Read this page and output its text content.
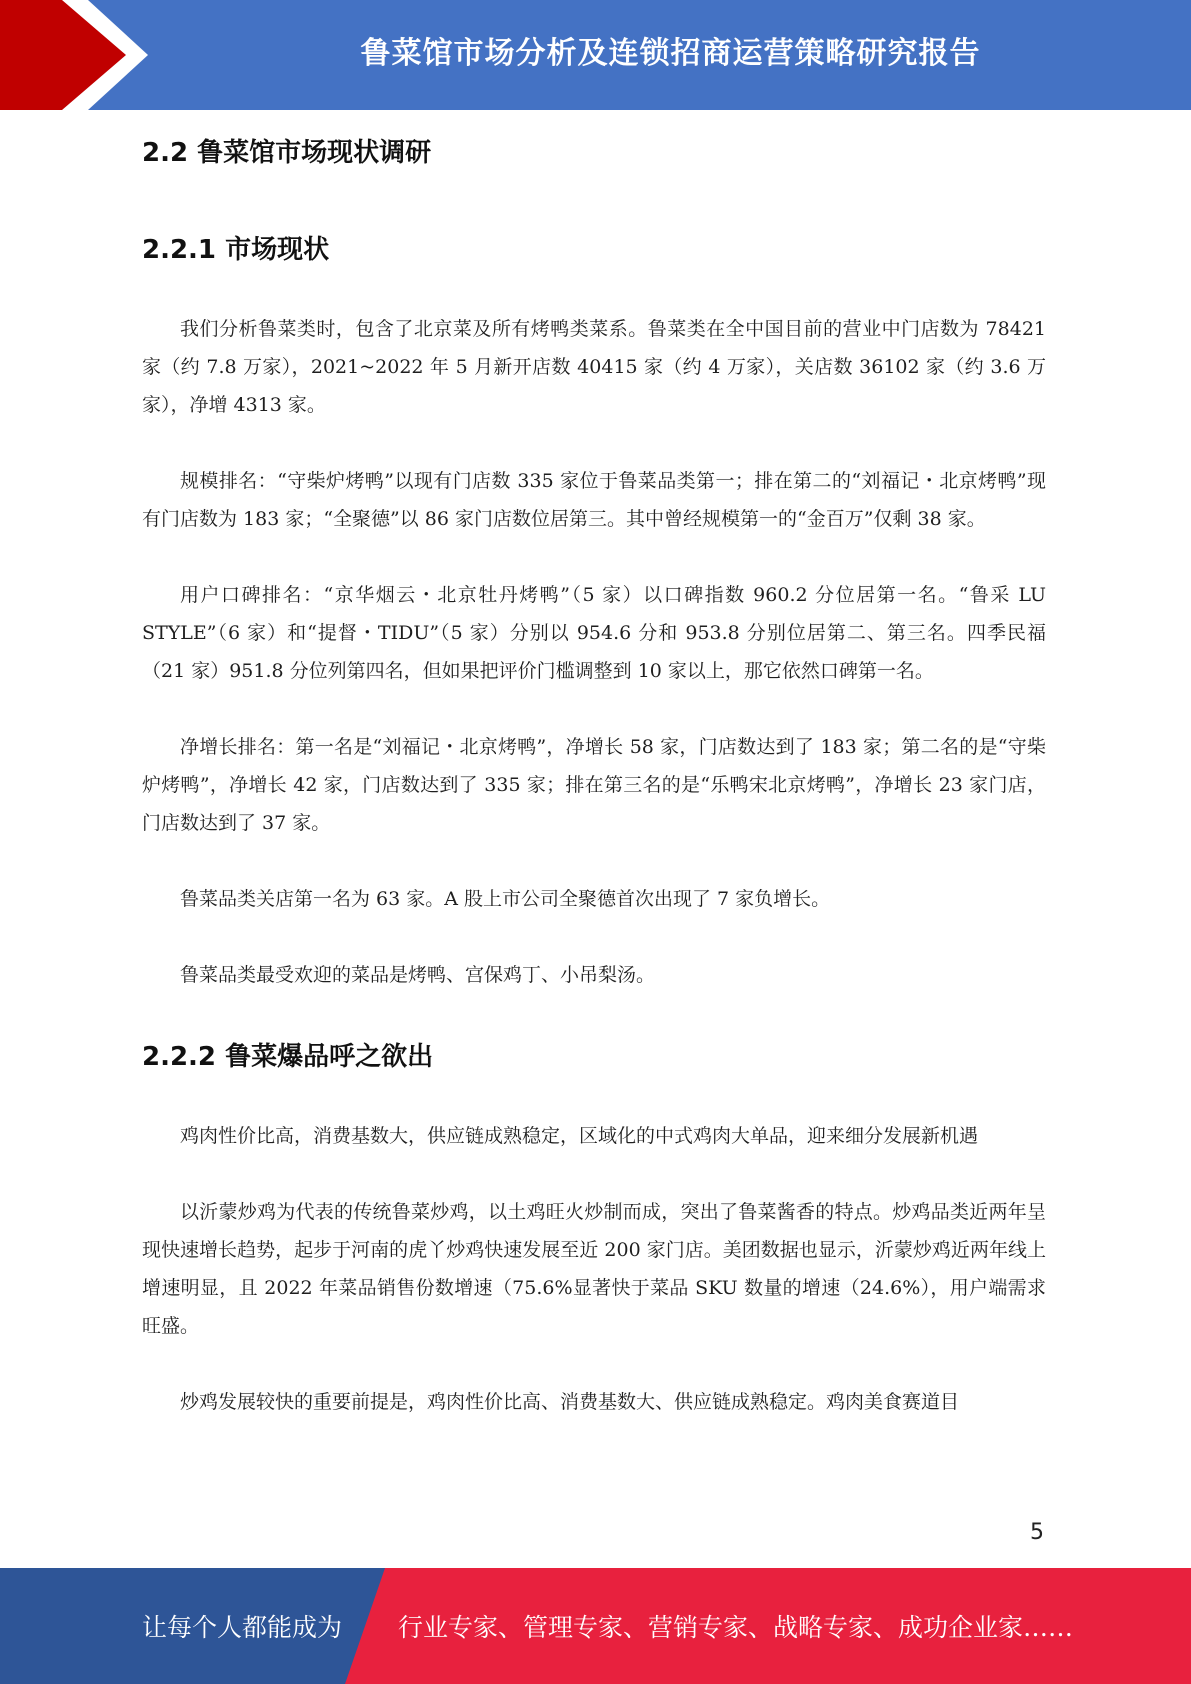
鲁菜馆市场分析及连锁招商运营策略研究报告
2.2 鲁菜馆市场现状调研
2.2.1 市场现状

我们分析鲁菜类时，包含了北京菜及所有烤鸭类菜系。鲁菜类在全中国目前的营业中门店数为 78421 家（约 7.8 万家），2021~2022 年 5 月新开店数 40415 家（约 4 万家），关店数 36102 家（约 3.6 万家），净增 4313 家。

规模排名：“守柴炉烤鸭”以现有门店数 335 家位于鲁菜品类第一；排在第二的“刘福记・北京烤鸭”现有门店数为 183 家；“全聚德”以 86 家门店数位居第三。其中曾经规模第一的“金百万”仅剩 38 家。

用户口碑排名：“京华烟云・北京牡丹烤鸭”（5 家）以口碑指数 960.2 分位居第一名。“鲁采 LU STYLE”（6 家）和“提督・TIDU”（5 家）分别以 954.6 分和 953.8 分别位居第二、第三名。四季民福（21 家）951.8 分位列第四名，但如果把评价门槛调整到 10 家以上，那它依然口碑第一名。

净增长排名：第一名是“刘福记・北京烤鸭”，净增长 58 家，门店数达到了 183 家；第二名的是“守柴炉烤鸭”，净增长 42 家，门店数达到了 335 家；排在第三名的是“乐鸭宋北京烤鸭”，净增长 23 家门店，门店数达到了 37 家。

鲁菜品类关店第一名为 63 家。A 股上市公司全聚德首次出现了 7 家负增长。

鲁菜品类最受欢迎的菜品是烤鸭、宫保鸡丁、小吊梨汤。

2.2.2 鲁菜爆品呼之欲出

鸡肉性价比高，消费基数大，供应链成熟稳定，区域化的中式鸡肉大单品，迎来细分发展新机遇

以沂蒙炒鸡为代表的传统鲁菜炒鸡，以土鸡旺火炒制而成，突出了鲁菜酱香的特点。炒鸡品类近两年呈现快速增长趋势，起步于河南的虎丫炒鸡快速发展至近 200 家门店。美团数据也显示，沂蒙炒鸡近两年线上增速明显，且 2022 年菜品销售份数增速（75.6%显著快于菜品 SKU 数量的增速（24.6%），用户端需求旺盛。

炒鸡发展较快的重要前提是，鸡肉性价比高、消费基数大、供应链成熟稳定。鸡肉美食赛道目

5
让每个人都能成为 行业专家、管理专家、营销专家、战略专家、成功企业家……
